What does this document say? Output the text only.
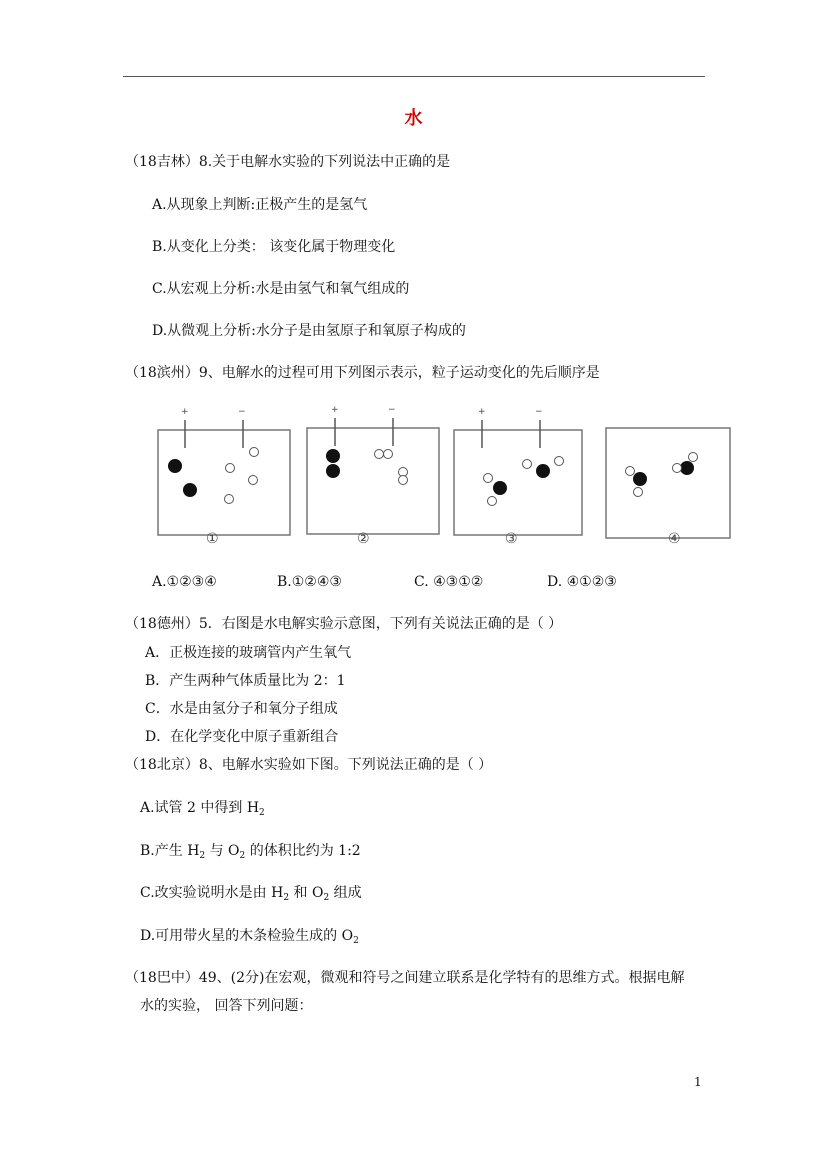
水
（18吉林）8.关于电解水实验的下列说法中正确的是
A.从现象上判断:正极产生的是氢气
B.从变化上分类： 该变化属于物理变化
C.从宏观上分析:水是由氢气和氧气组成的
D.从微观上分析:水分子是由氢原子和氧原子构成的
（18滨州）9、电解水的过程可用下列图示表示，粒子运动变化的先后顺序是
+	−	+	−	+	−
①	②	③	④
A.①②③④	B.①②④③	C. ④③①②	D. ④①②③
（18德州）5．右图是水电解实验示意图，下列有关说法正确的是（ ）
A．正极连接的玻璃管内产生氧气
B．产生两种气体质量比为 2：1
C．水是由氢分子和氧分子组成
D．在化学变化中原子重新组合
（18北京）8、电解水实验如下图。下列说法正确的是（ ）
A.试管 2 中得到 $H_2$
B.产生 $H_2$ 与 $O_2$ 的体积比约为 1:2
C.改实验说明水是由 $H_2$ 和 $O_2$ 组成
D.可用带火星的木条检验生成的 $O_2$
（18巴中）49、(2分)在宏观，微观和符号之间建立联系是化学特有的思维方式。根据电解
水的实验， 回答下列问题：
1
